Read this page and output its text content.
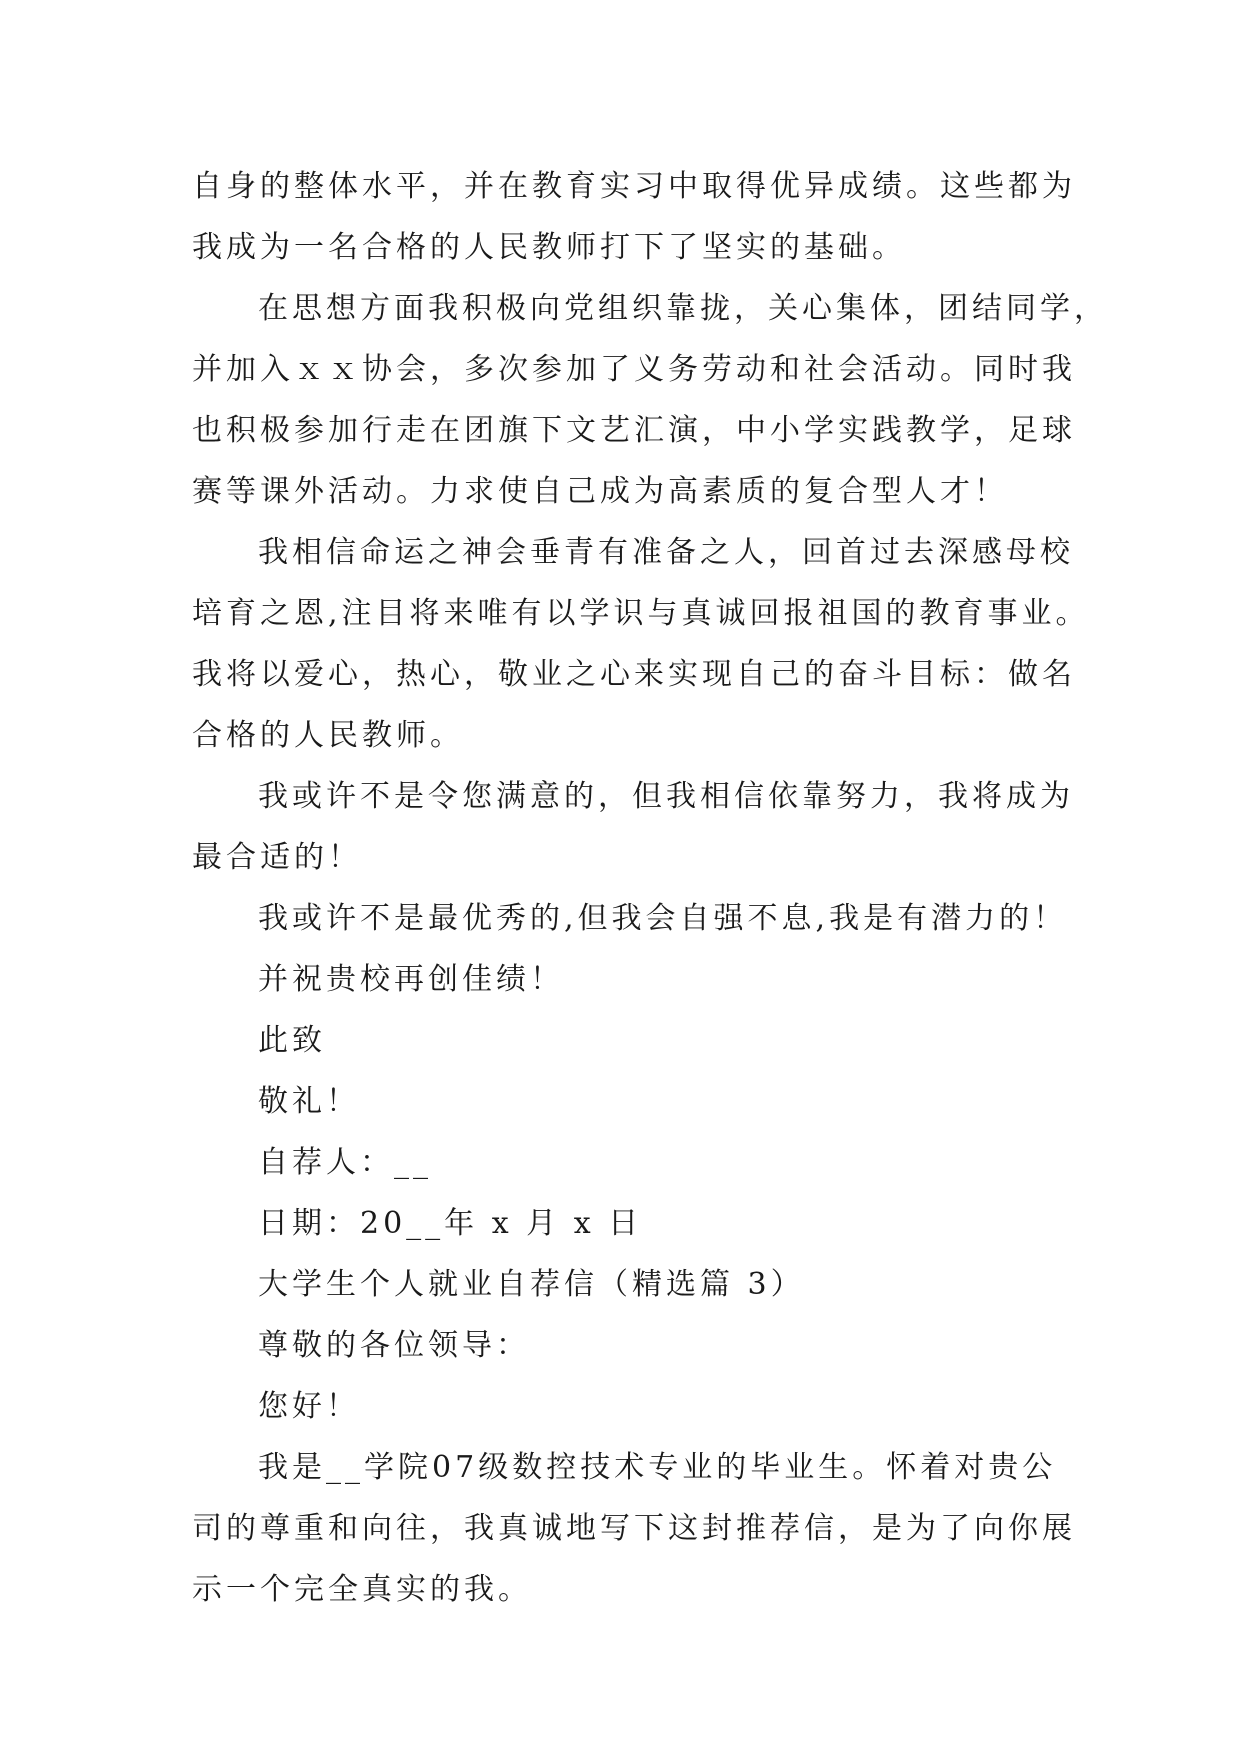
自 身 的 整 体 水 平 ， 并 在 教 育 实 习 中 取 得 优 异 成 绩 。 这 些 都 为
我成为一名合格的人民教师打下了坚实的基础。
在 思 想 方 面 我 积 极 向 党 组 织 靠 拢 ， 关 心 集 体 ， 团 结 同 学 ，
并 加 入 ｘ ｘ 协 会 ， 多 次 参 加 了 义 务 劳 动 和 社 会 活 动 。 同 时 我
也 积 极 参 加 行 走 在 团 旗 下 文 艺 汇 演 ， 中 小 学 实 践 教 学 ， 足 球
赛等课外活动。力求使自己成为高素质的复合型人才！
我 相 信 命 运 之 神 会 垂 青 有 准 备 之 人 ， 回 首 过 去 深 感 母 校
培 育 之 恩 , 注 目 将 来 唯 有 以 学 识 与 真 诚 回 报 祖 国 的 教 育 事 业 。
我 将 以 爱 心 ， 热 心 ， 敬 业 之 心 来 实 现 自 己 的 奋 斗 目 标 ： 做 名
合格的人民教师。
我 或 许 不 是 令 您 满 意 的 ， 但 我 相 信 依 靠 努 力 ， 我 将 成 为
最合适的！
我或许不是最优秀的,但我会自强不息,我是有潜力的！
并祝贵校再创佳绩！
此致
敬礼！
自荐人：__
日期：20__年 x 月 x 日
大学生个人就业自荐信（精选篇 3）
尊敬的各位领导：
您好！
我 是 _ _ 学 院 0 7 级 数 控 技 术 专 业 的 毕 业 生 。 怀 着 对 贵 公
司 的 尊 重 和 向 往 ， 我 真 诚 地 写 下 这 封 推 荐 信 ， 是 为 了 向 你 展
示一个完全真实的我。
